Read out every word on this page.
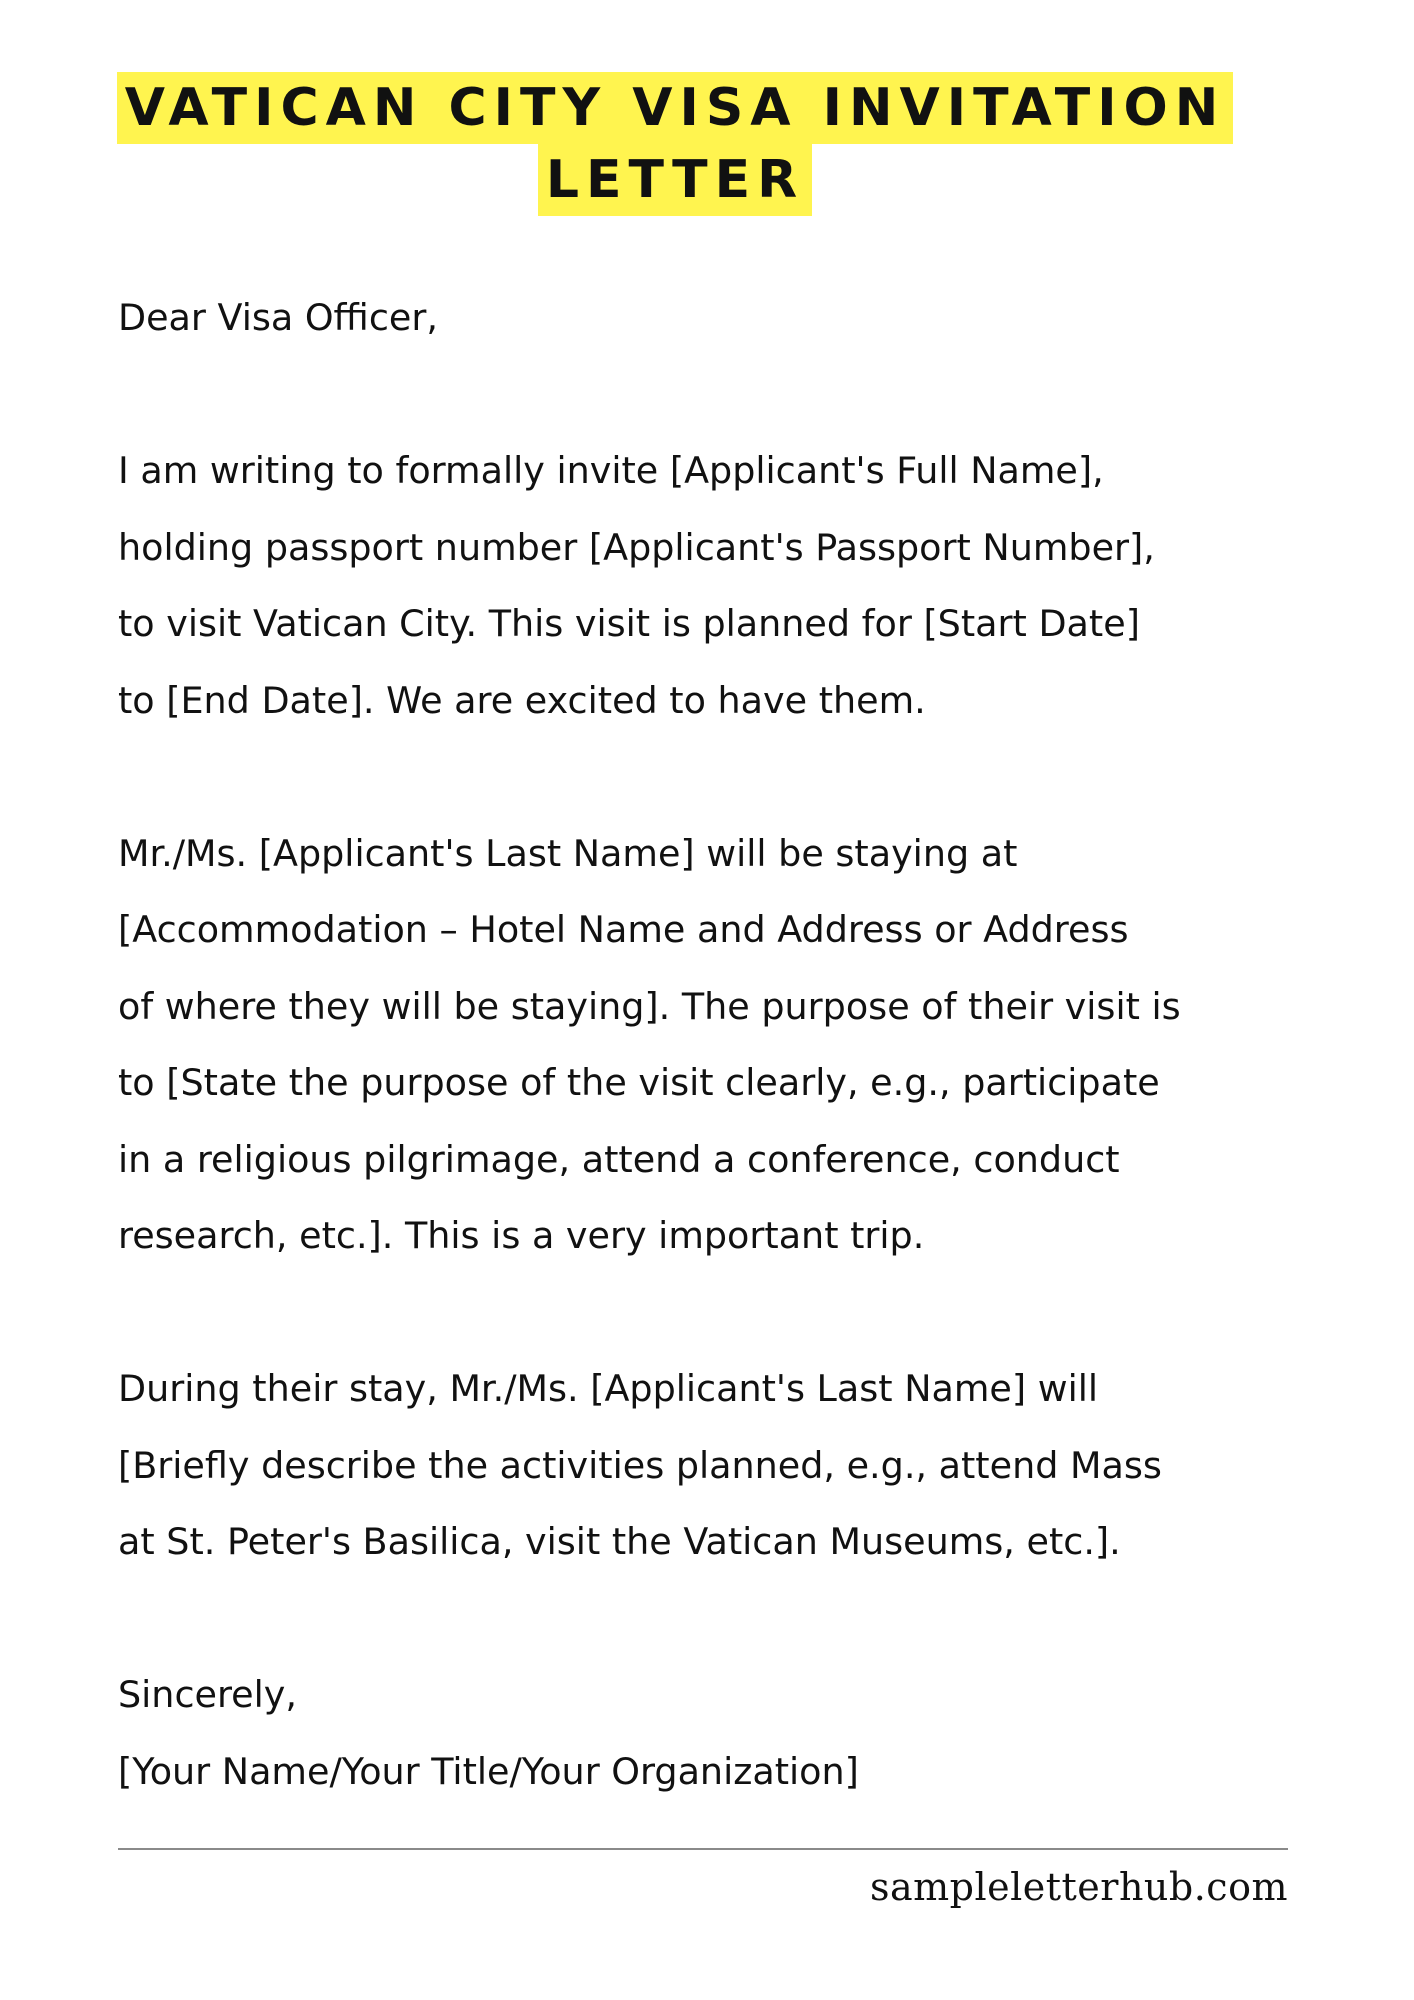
VATICAN CITY VISA INVITATION
LETTER

Dear Visa Officer,

I am writing to formally invite [Applicant's Full Name],

holding passport number [Applicant's Passport Number],

to visit Vatican City. This visit is planned for [Start Date]

to [End Date]. We are excited to have them.

Mr./Ms. [Applicant's Last Name] will be staying at

[Accommodation – Hotel Name and Address or Address

of where they will be staying]. The purpose of their visit is

to [State the purpose of the visit clearly, e.g., participate

in a religious pilgrimage, attend a conference, conduct

research, etc.]. This is a very important trip.

During their stay, Mr./Ms. [Applicant's Last Name] will

[Briefly describe the activities planned, e.g., attend Mass

at St. Peter's Basilica, visit the Vatican Museums, etc.].

Sincerely,

[Your Name/Your Title/Your Organization]

sampleletterhub.com
